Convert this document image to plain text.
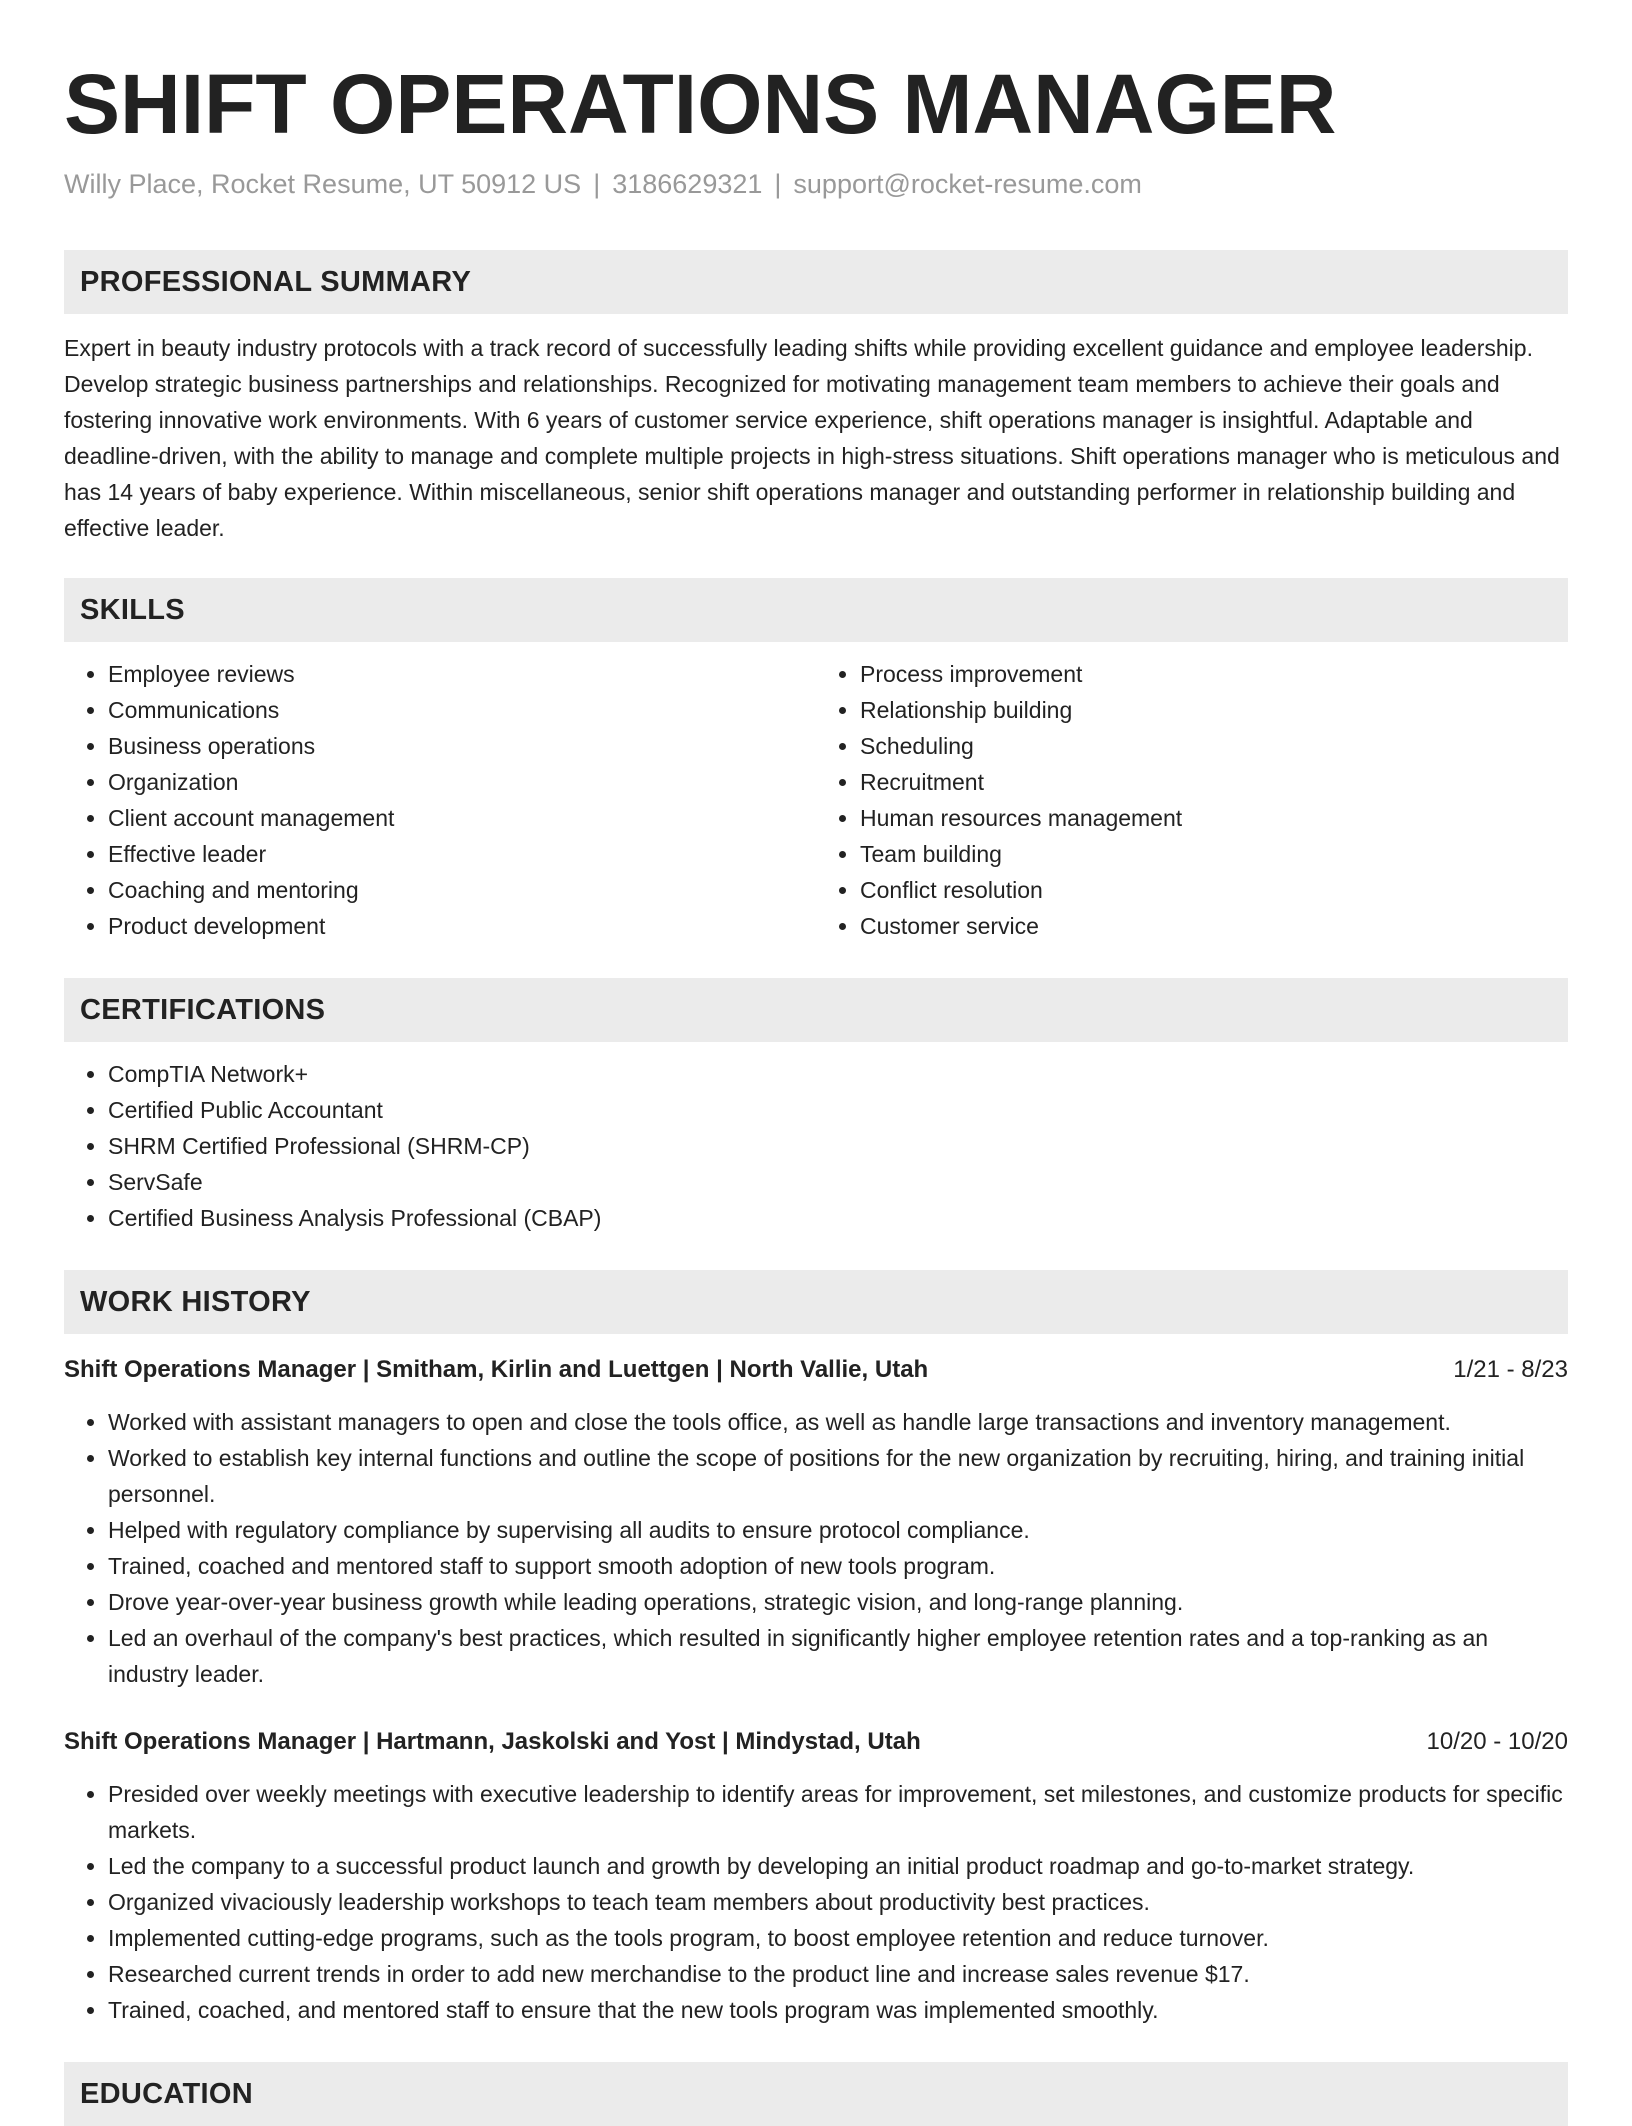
SHIFT OPERATIONS MANAGER
Willy Place, Rocket Resume, UT 50912 US | 3186629321 | support@rocket-resume.com
PROFESSIONAL SUMMARY

Expert in beauty industry protocols with a track record of successfully leading shifts while providing excellent guidance and employee leadership. Develop strategic business partnerships and relationships. Recognized for motivating management team members to achieve their goals and fostering innovative work environments. With 6 years of customer service experience, shift operations manager is insightful. Adaptable and deadline-driven, with the ability to manage and complete multiple projects in high-stress situations. Shift operations manager who is meticulous and has 14 years of baby experience. Within miscellaneous, senior shift operations manager and outstanding performer in relationship building and effective leader.

SKILLS
• Employee reviews
• Communications
• Business operations
• Organization
• Client account management
• Effective leader
• Coaching and mentoring
• Product development
• Process improvement
• Relationship building
• Scheduling
• Recruitment
• Human resources management
• Team building
• Conflict resolution
• Customer service
CERTIFICATIONS
• CompTIA Network+
• Certified Public Accountant
• SHRM Certified Professional (SHRM-CP)
• ServSafe
• Certified Business Analysis Professional (CBAP)
WORK HISTORY
Shift Operations Manager | Smitham, Kirlin and Luettgen | North Vallie, Utah	1/21 - 8/23
• Worked with assistant managers to open and close the tools office, as well as handle large transactions and inventory management.
• Worked to establish key internal functions and outline the scope of positions for the new organization by recruiting, hiring, and training initial personnel.
• Helped with regulatory compliance by supervising all audits to ensure protocol compliance.
• Trained, coached and mentored staff to support smooth adoption of new tools program.
• Drove year-over-year business growth while leading operations, strategic vision, and long-range planning.
• Led an overhaul of the company's best practices, which resulted in significantly higher employee retention rates and a top-ranking as an industry leader.
Shift Operations Manager | Hartmann, Jaskolski and Yost | Mindystad, Utah	10/20 - 10/20
• Presided over weekly meetings with executive leadership to identify areas for improvement, set milestones, and customize products for specific markets.
• Led the company to a successful product launch and growth by developing an initial product roadmap and go-to-market strategy.
• Organized vivaciously leadership workshops to teach team members about productivity best practices.
• Implemented cutting-edge programs, such as the tools program, to boost employee retention and reduce turnover.
• Researched current trends in order to add new merchandise to the product line and increase sales revenue $17.
• Trained, coached, and mentored staff to ensure that the new tools program was implemented smoothly.
EDUCATION
